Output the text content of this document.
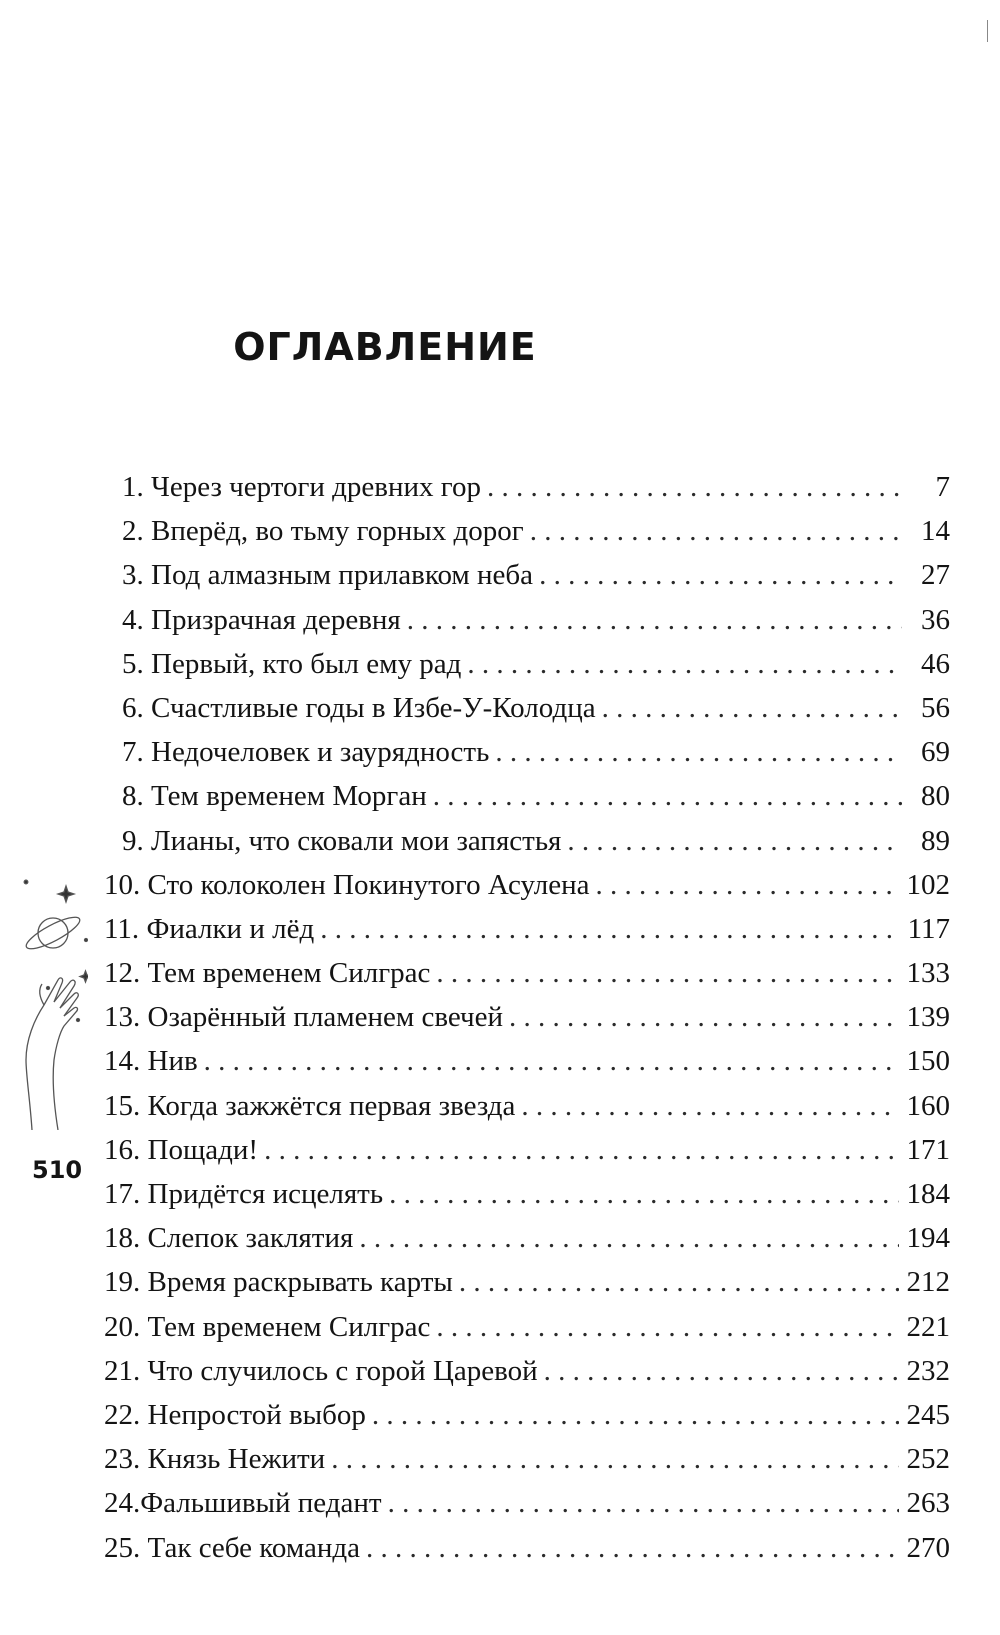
ОГЛАВЛЕНИЕ
1. Через чертоги древних гор . . .	7
2. Вперёд, во тьму горных дорог . . .	14
3. Под алмазным прилавком неба . . .	27
4. Призрачная деревня . . .	36
5. Первый, кто был ему рад . . .	46
6. Счастливые годы в Избе-У-Колодца . . .	56
7. Недочеловек и заурядность . . .	69
8. Тем временем Морган . . .	80
9. Лианы, что сковали мои запястья . . .	89
10. Сто колоколен Покинутого Асулена . . .	102
11. Фиалки и лёд . . .	117
12. Тем временем Силграс . . .	133
13. Озарённый пламенем свечей . . .	139
14. Нив . . .	150
15. Когда зажжётся первая звезда . . .	160
16. Пощади! . . .	171
17. Придётся исцелять . . .	184
18. Слепок заклятия . . .	194
19. Время раскрывать карты . . .	212
20. Тем временем Силграс . . .	221
21. Что случилось с горой Царевой . . .	232
22. Непростой выбор . . .	245
23. Князь Нежити . . .	252
24.Фальшивый педант . . .	263
25. Так себе команда . . .	270
510
